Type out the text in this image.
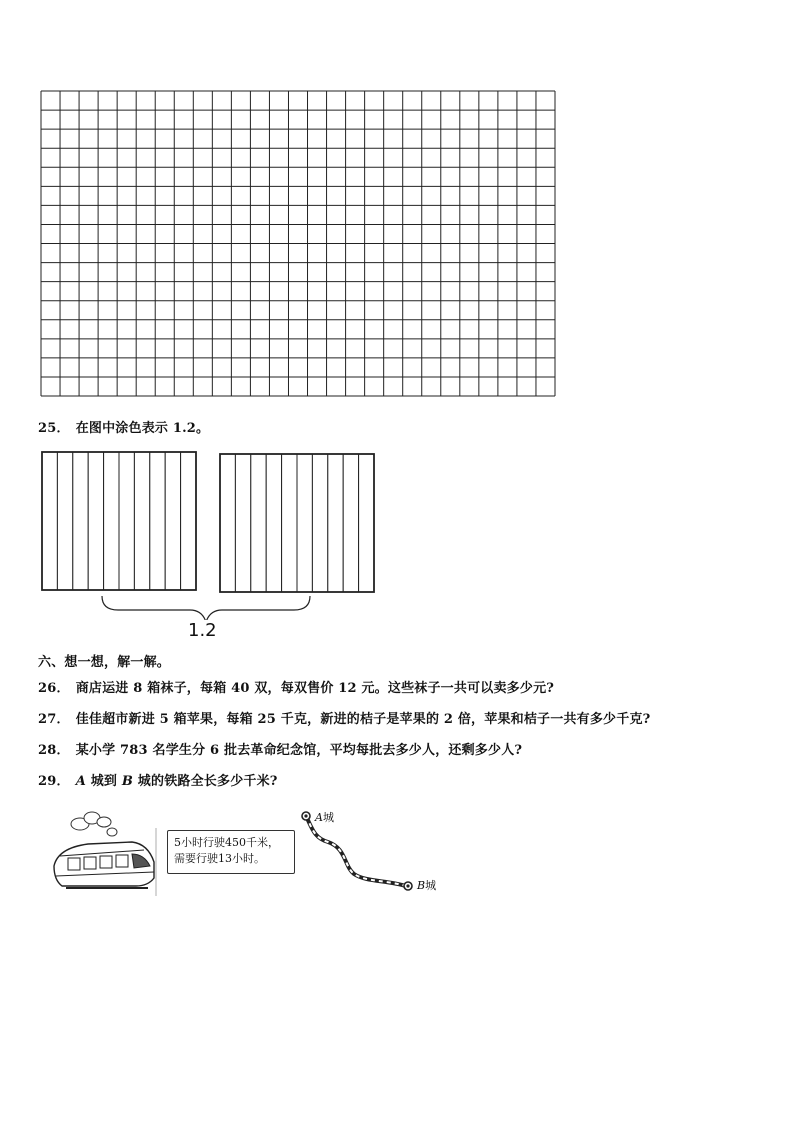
25． 在图中涂色表示 1.2。
1.2
六、想一想，解一解。
26． 商店运进 8 箱袜子，每箱 40 双，每双售价 12 元。这些袜子一共可以卖多少元?
27． 佳佳超市新进 5 箱苹果，每箱 25 千克，新进的桔子是苹果的 2 倍，苹果和桔子一共有多少千克?
28． 某小学 783 名学生分 6 批去革命纪念馆，平均每批去多少人，还剩多少人?
29． A 城到 B 城的铁路全长多少千米?
5小时行驶450千米，
需要行驶13小时。
A城
B城
